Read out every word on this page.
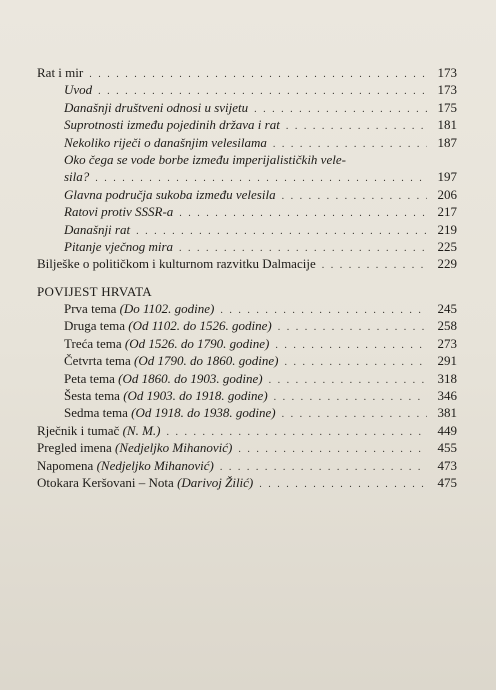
Rat i mir . . .	173
Uvod . . .	173
Današnji društveni odnosi u svijetu . . .	175
Suprotnosti između pojedinih država i rat . . .	181
Nekoliko riječi o današnjim velesilama . . .	187
Oko čega se vode borbe između imperijalističkih vele-
sila? . . .	197
Glavna područja sukoba između velesila . . .	206
Ratovi protiv SSSR-a . . .	217
Današnji rat . . .	219
Pitanje vječnog mira . . .	225
Bilješke o političkom i kulturnom razvitku Dalmacije . . .	229
POVIJEST HRVATA
Prva tema (Do 1102. godine) . . .	245
Druga tema (Od 1102. do 1526. godine) . . .	258
Treća tema (Od 1526. do 1790. godine) . . .	273
Četvrta tema (Od 1790. do 1860. godine) . . .	291
Peta tema (Od 1860. do 1903. godine) . . .	318
Šesta tema (Od 1903. do 1918. godine) . . .	346
Sedma tema (Od 1918. do 1938. godine) . . .	381
Rječnik i tumač (N. M.) . . .	449
Pregled imena (Nedjeljko Mihanović) . . .	455
Napomena (Nedjeljko Mihanović) . . .	473
Otokara Keršovani – Nota (Darivoj Žilić) . . .	475
